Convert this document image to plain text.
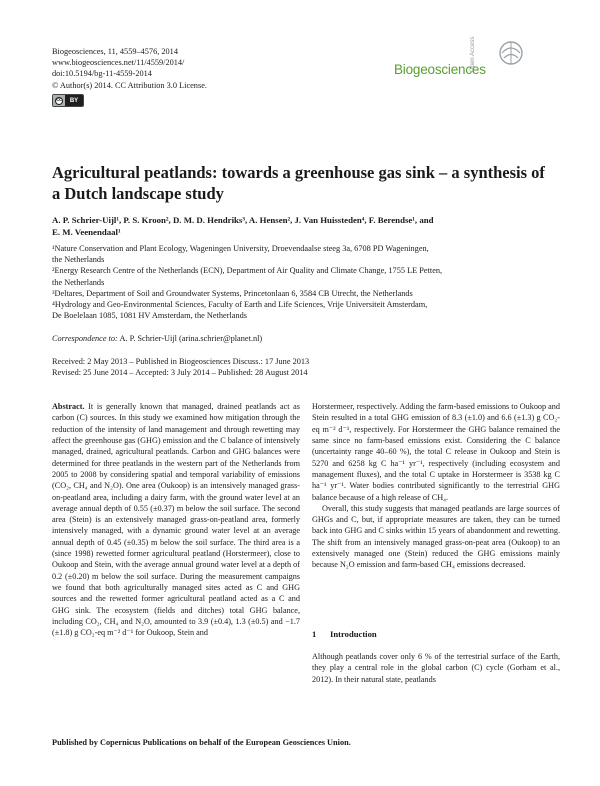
Biogeosciences, 11, 4559–4576, 2014
www.biogeosciences.net/11/4559/2014/
doi:10.5194/bg-11-4559-2014
© Author(s) 2014. CC Attribution 3.0 License.
cc	BY
Open Access
Biogeosciences
Agricultural peatlands: towards a greenhouse gas sink – a synthesis of a Dutch landscape study
A. P. Schrier-Uijl¹, P. S. Kroon², D. M. D. Hendriks³, A. Hensen², J. Van Huissteden⁴, F. Berendse¹, and
E. M. Veenendaal¹
¹Nature Conservation and Plant Ecology, Wageningen University, Droevendaalse steeg 3a, 6708 PD Wageningen,
the Netherlands
²Energy Research Centre of the Netherlands (ECN), Department of Air Quality and Climate Change, 1755 LE Petten,
the Netherlands
³Deltares, Department of Soil and Groundwater Systems, Princetonlaan 6, 3584 CB Utrecht, the Netherlands
⁴Hydrology and Geo-Environmental Sciences, Faculty of Earth and Life Sciences, Vrije Universiteit Amsterdam,
De Boelelaan 1085, 1081 HV Amsterdam, the Netherlands
Correspondence to: A. P. Schrier-Uijl (arina.schrier@planet.nl)
Received: 2 May 2013 – Published in Biogeosciences Discuss.: 17 June 2013
Revised: 25 June 2014 – Accepted: 3 July 2014 – Published: 28 August 2014

Abstract. It is generally known that managed, drained peatlands act as carbon (C) sources. In this study we examined how mitigation through the reduction of the intensity of land management and through rewetting may affect the greenhouse gas (GHG) emission and the C balance of intensively managed, drained, agricultural peatlands. Carbon and GHG balances were determined for three peatlands in the western part of the Netherlands from 2005 to 2008 by considering spatial and temporal variability of emissions (CO₂, CH₄ and N₂O). One area (Oukoop) is an intensively managed grass-on-peatland area, including a dairy farm, with the ground water level at an average annual depth of 0.55 (±0.37) m below the soil surface. The second area (Stein) is an extensively managed grass-on-peatland area, formerly intensively managed, with a dynamic ground water level at an average annual depth of 0.45 (±0.35) m below the soil surface. The third area is a (since 1998) rewetted former agricultural peatland (Horstermeer), close to Oukoop and Stein, with the average annual ground water level at a depth of 0.2 (±0.20) m below the soil surface. During the measurement campaigns we found that both agriculturally managed sites acted as C and GHG sources and the rewetted former agricultural peatland acted as a C and GHG sink. The ecosystem (fields and ditches) total GHG balance, including CO₂, CH₄ and N₂O, amounted to 3.9 (±0.4), 1.3 (±0.5) and −1.7 (±1.8) g CO₂-eq m⁻² d⁻¹ for Oukoop, Stein and

Horstermeer, respectively. Adding the farm-based emissions to Oukoop and Stein resulted in a total GHG emission of 8.3 (±1.0) and 6.6 (±1.3) g CO₂-eq m⁻² d⁻¹, respectively. For Horstermeer the GHG balance remained the same since no farm-based emissions exist. Considering the C balance (uncertainty range 40–60 %), the total C release in Oukoop and Stein is 5270 and 6258 kg C ha⁻¹ yr⁻¹, respectively (including ecosystem and management fluxes), and the total C uptake in Horstermeer is 3538 kg C ha⁻¹ yr⁻¹. Water bodies contributed significantly to the terrestrial GHG balance because of a high release of CH₄.

Overall, this study suggests that managed peatlands are large sources of GHGs and C, but, if appropriate measures are taken, they can be turned back into GHG and C sinks within 15 years of abandonment and rewetting. The shift from an intensively managed grass-on-peat area (Oukoop) to an extensively managed one (Stein) reduced the GHG emissions mainly because N₂O emission and farm-based CH₄ emissions decreased.

1 Introduction
Although peatlands cover only 6 % of the terrestrial surface of the Earth, they play a central role in the global carbon (C) cycle (Gorham et al., 2012). In their natural state, peatlands
Published by Copernicus Publications on behalf of the European Geosciences Union.
